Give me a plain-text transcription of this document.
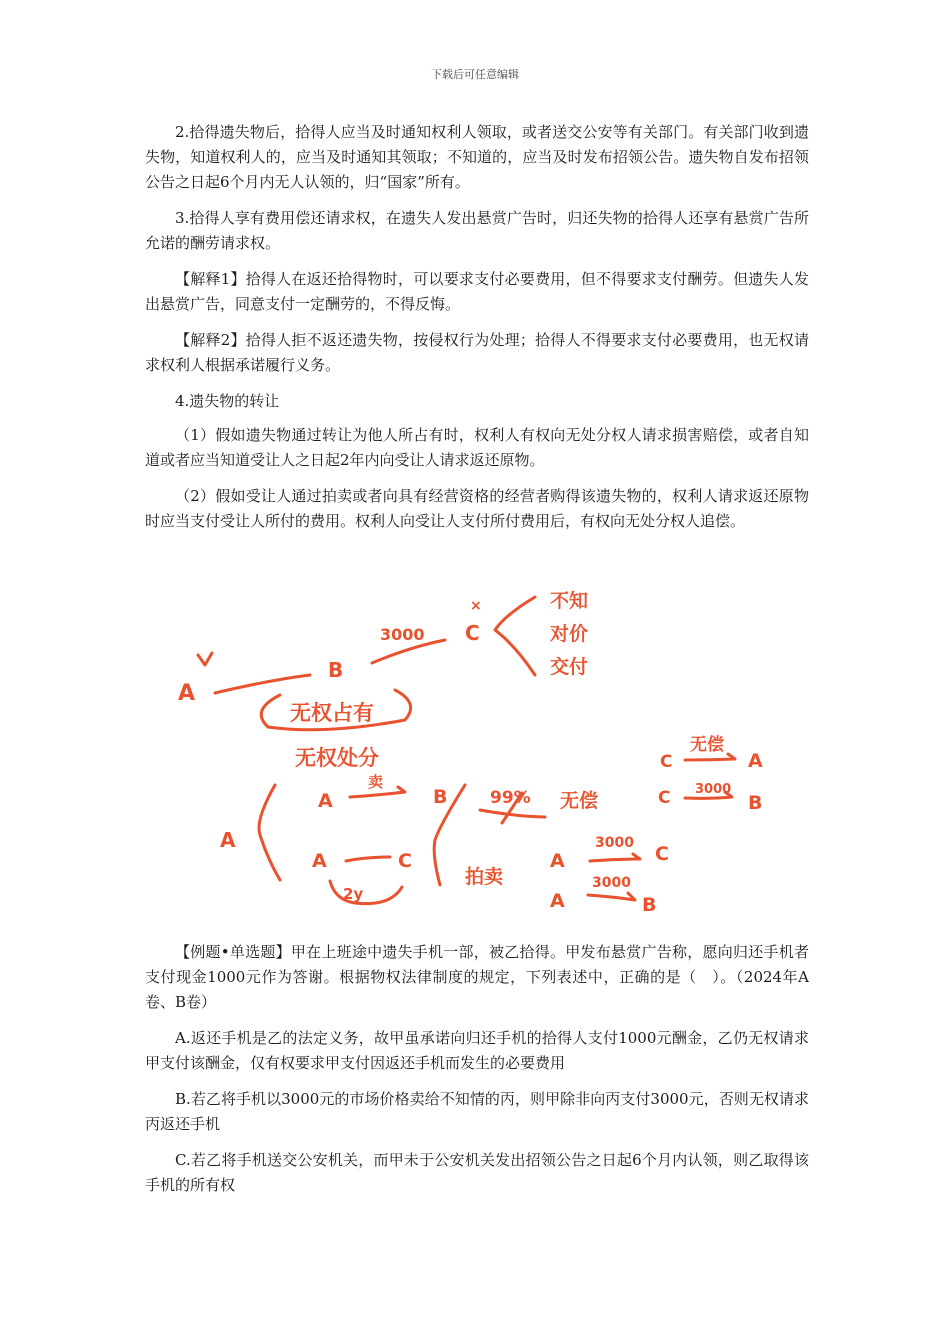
下载后可任意编辑

2.拾得遗失物后，拾得人应当及时通知权利人领取，或者送交公安等有关部门。有关部门收到遗失物，知道权利人的，应当及时通知其领取；不知道的，应当及时发布招领公告。遗失物自发布招领公告之日起6个月内无人认领的，归“国家”所有。

3.拾得人享有费用偿还请求权，在遗失人发出悬赏广告时，归还失物的拾得人还享有悬赏广告所允诺的酬劳请求权。

【解释1】拾得人在返还拾得物时，可以要求支付必要费用，但不得要求支付酬劳。但遗失人发出悬赏广告，同意支付一定酬劳的，不得反悔。

【解释2】拾得人拒不返还遗失物，按侵权行为处理；拾得人不得要求支付必要费用，也无权请求权利人根据承诺履行义务。

4.遗失物的转让

（1）假如遗失物通过转让为他人所占有时，权利人有权向无处分权人请求损害赔偿，或者自知道或者应当知道受让人之日起2年内向受让人请求返还原物。

（2）假如受让人通过拍卖或者向具有经营资格的经营者购得该遗失物的，权利人请求返还原物时应当支付受让人所付的费用。权利人向受让人支付所付费用后，有权向无处分权人追偿。

A
B
3000 C
×	不知
对价
交付
无权占有
无权处分
A
A
卖
B
A	C
2y
99% 无偿
拍卖
A
3000 C
A
3000
B
C
无偿
A
C 3000
B

【例题•单选题】甲在上班途中遗失手机一部，被乙拾得。甲发布悬赏广告称，愿向归还手机者支付现金1000元作为答谢。根据物权法律制度的规定，下列表述中，正确的是（　）。（2024年A卷、B卷）

A.返还手机是乙的法定义务，故甲虽承诺向归还手机的拾得人支付1000元酬金，乙仍无权请求甲支付该酬金，仅有权要求甲支付因返还手机而发生的必要费用

B.若乙将手机以3000元的市场价格卖给不知情的丙，则甲除非向丙支付3000元，否则无权请求丙返还手机

C.若乙将手机送交公安机关，而甲未于公安机关发出招领公告之日起6个月内认领，则乙取得该手机的所有权
